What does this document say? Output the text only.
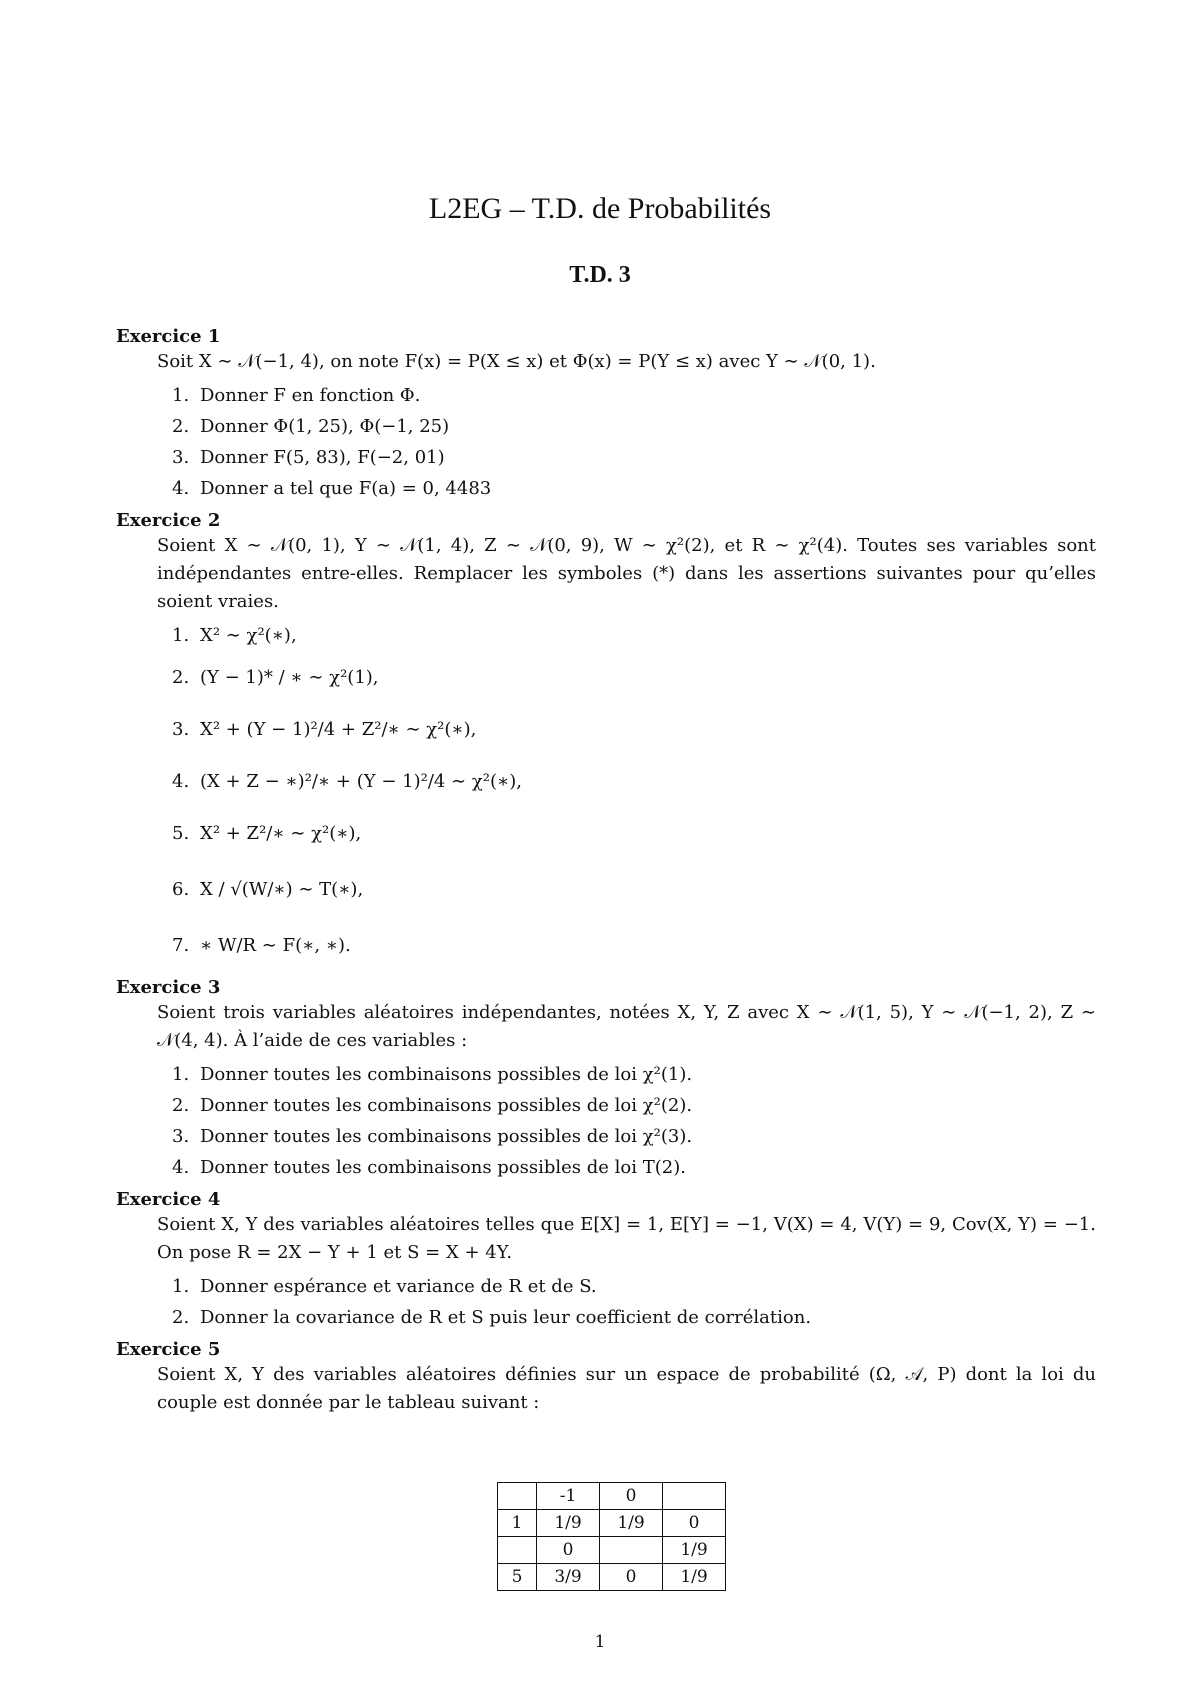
L2EG – T.D. de Probabilités
T.D. 3
Exercice 1
Soit X ∼ 𝒩(−1, 4), on note F(x) = P(X ≤ x) et Φ(x) = P(Y ≤ x) avec Y ∼ 𝒩(0, 1).
1. Donner F en fonction Φ.
2. Donner Φ(1, 25), Φ(−1, 25)
3. Donner F(5, 83), F(−2, 01)
4. Donner a tel que F(a) = 0, 4483
Exercice 2
Soient X ∼ 𝒩(0, 1), Y ∼ 𝒩(1, 4), Z ∼ 𝒩(0, 9), W ∼ χ²(2), et R ∼ χ²(4). Toutes ses variables sont indépendantes entre-elles. Remplacer les symboles (*) dans les assertions suivantes pour qu’elles soient vraies.
1. X² ∼ χ²(∗),
2. (Y − 1)* / ∗ ∼ χ²(1),
3. X² + (Y − 1)²/4 + Z²/∗ ∼ χ²(∗),
4. (X + Z − ∗)²/∗ + (Y − 1)²/4 ∼ χ²(∗),
5. X² + Z²/∗ ∼ χ²(∗),
6. X / √(W/∗) ∼ T(∗),
7. ∗ W/R ∼ F(∗, ∗).
Exercice 3
Soient trois variables aléatoires indépendantes, notées X, Y, Z avec X ∼ 𝒩(1, 5), Y ∼ 𝒩(−1, 2), Z ∼ 𝒩(4, 4). À l’aide de ces variables :
1. Donner toutes les combinaisons possibles de loi χ²(1).
2. Donner toutes les combinaisons possibles de loi χ²(2).
3. Donner toutes les combinaisons possibles de loi χ²(3).
4. Donner toutes les combinaisons possibles de loi T(2).
Exercice 4
Soient X, Y des variables aléatoires telles que E[X] = 1, E[Y] = −1, V(X) = 4, V(Y) = 9, Cov(X, Y) = −1. On pose R = 2X − Y + 1 et S = X + 4Y.
1. Donner espérance et variance de R et de S.
2. Donner la covariance de R et S puis leur coefficient de corrélation.
Exercice 5
Soient X, Y des variables aléatoires définies sur un espace de probabilité (Ω, 𝒜, P) dont la loi du couple est donnée par le tableau suivant :
	-1	0	
1	1/9	1/9	0
	0		1/9
5	3/9	0	1/9
1
